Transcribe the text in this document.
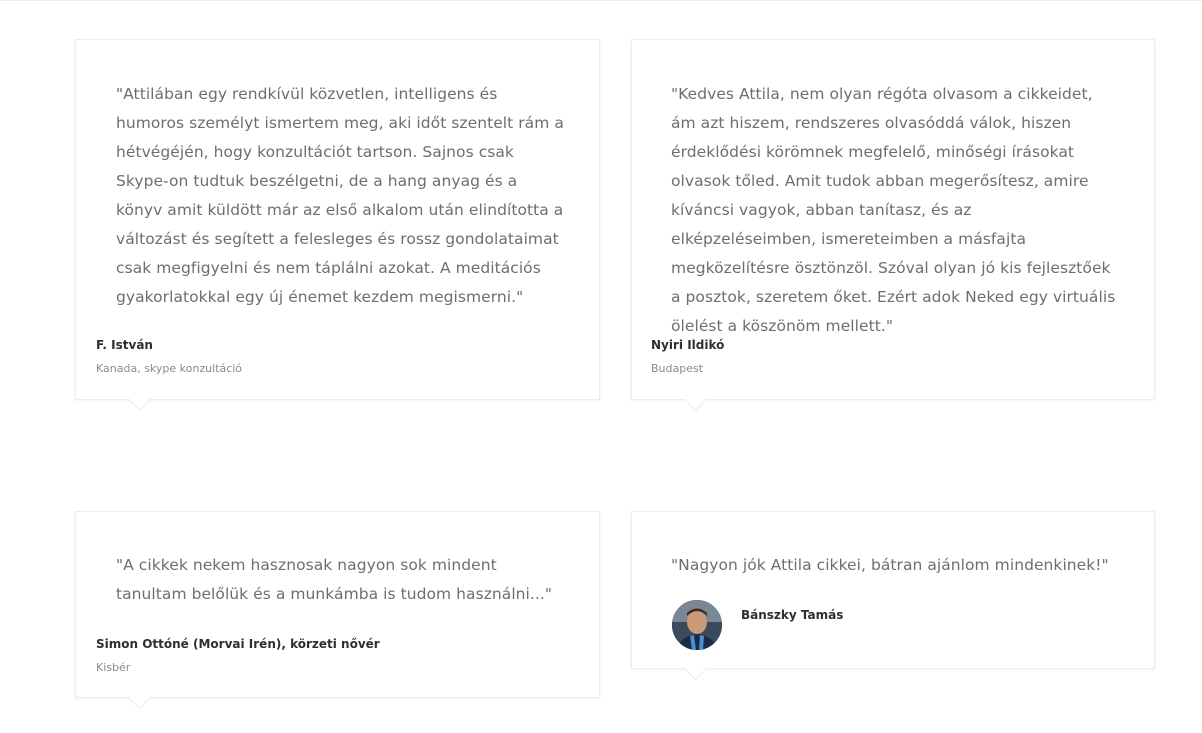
"Attilában egy rendkívül közvetlen, intelligens és humoros személyt ismertem meg, aki időt szentelt rám a hétvégéjén, hogy konzultációt tartson. Sajnos csak Skype-on tudtuk beszélgetni, de a hang anyag és a könyv amit küldött már az első alkalom után elindította a változást és segített a felesleges és rossz gondolataimat csak megfigyelni és nem táplálni azokat. A meditációs gyakorlatokkal egy új énemet kezdem megismerni."

F. István

Kanada, skype konzultáció

"Kedves Attila, nem olyan régóta olvasom a cikkeidet, ám azt hiszem, rendszeres olvasóddá válok, hiszen érdeklődési körömnek megfelelő, minőségi írásokat olvasok tőled. Amit tudok abban megerősítesz, amire kíváncsi vagyok, abban tanítasz, és az elképzeléseimben, ismereteimben a másfajta megközelítésre ösztönzöl. Szóval olyan jó kis fejlesztőek a posztok, szeretem őket. Ezért adok Neked egy virtuális ölelést a köszönöm mellett."

Nyiri Ildikó

Budapest

"A cikkek nekem hasznosak nagyon sok mindent tanultam belőlük és a munkámba is tudom használni..."

Simon Ottóné (Morvai Irén), körzeti nővér

Kisbér

"Nagyon jók Attila cikkei, bátran ajánlom mindenkinek!"

Bánszky Tamás
